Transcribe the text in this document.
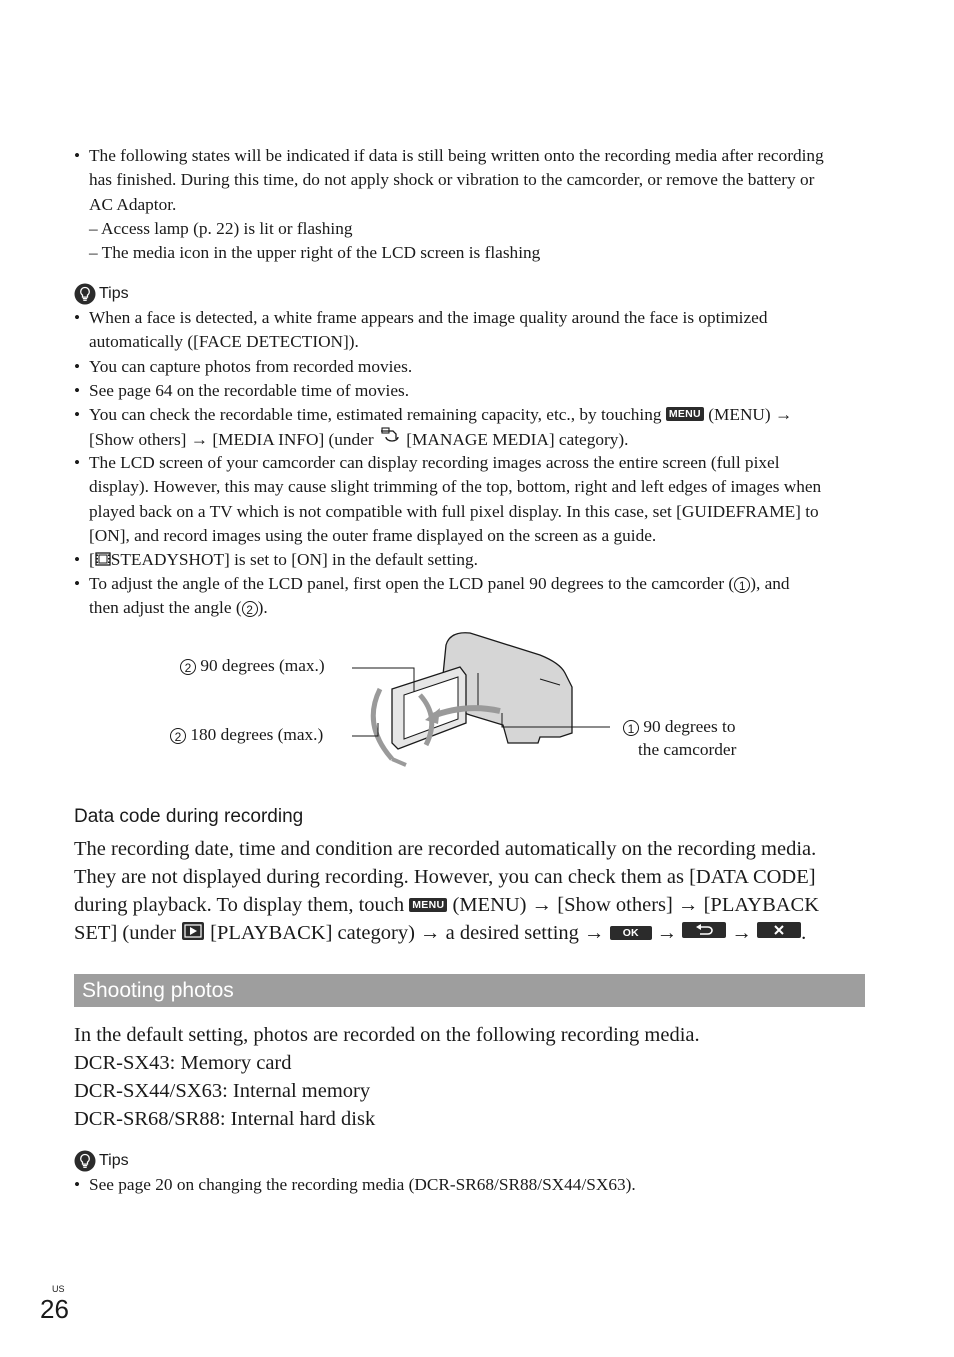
• The following states will be indicated if data is still being written onto the recording media after recording
has finished. During this time, do not apply shock or vibration to the camcorder, or remove the battery or
AC Adaptor.
– Access lamp (p. 22) is lit or flashing
– The media icon in the upper right of the LCD screen is flashing
Tips
• When a face is detected, a white frame appears and the image quality around the face is optimized
automatically ([FACE DETECTION]).
• You can capture photos from recorded movies.
• See page 64 on the recordable time of movies.
• You can check the recordable time, estimated remaining capacity, etc., by touching MENU (MENU) →
[Show others] → [MEDIA INFO] (under [MANAGE MEDIA] category).
• The LCD screen of your camcorder can display recording images across the entire screen (full pixel
display). However, this may cause slight trimming of the top, bottom, right and left edges of images when
played back on a TV which is not compatible with full pixel display. In this case, set [GUIDEFRAME] to
[ON], and record images using the outer frame displayed on the screen as a guide.
• [ STEADYSHOT] is set to [ON] in the default setting.
• To adjust the angle of the LCD panel, first open the LCD panel 90 degrees to the camcorder ( 1 ), and
then adjust the angle ( 2 ).
2 90 degrees (max.)
2 180 degrees (max.)	1 90 degrees to
the camcorder
Data code during recording
The recording date, time and condition are recorded automatically on the recording media.
They are not displayed during recording. However, you can check them as [DATA CODE]
during playback. To display them, touch MENU (MENU) → [Show others] → [PLAYBACK
SET] (under [PLAYBACK] category) → a desired setting → OK →	→ .
Shooting photos
In the default setting, photos are recorded on the following recording media.
DCR-SX43: Memory card
DCR-SX44/SX63: Internal memory
DCR-SR68/SR88: Internal hard disk
Tips
• See page 20 on changing the recording media (DCR-SR68/SR88/SX44/SX63).
US
26
